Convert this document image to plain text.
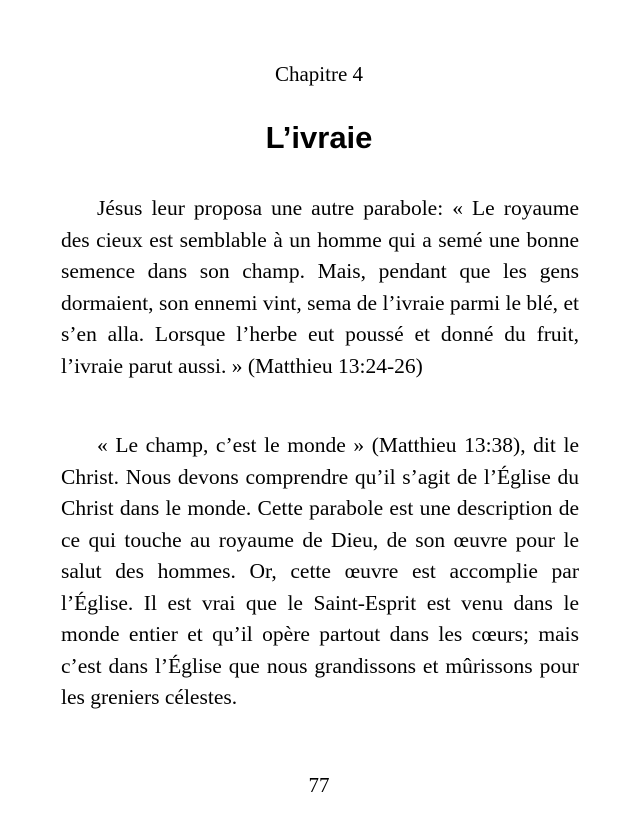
Chapitre 4
L’ivraie

Jésus leur proposa une autre parabole: « Le royaume des cieux est semblable à un homme qui a semé une bonne semence dans son champ. Mais, pendant que les gens dormaient, son ennemi vint, sema de l’ivraie parmi le blé, et s’en alla. Lorsque l’herbe eut poussé et donné du fruit, l’ivraie parut aussi. » (Matthieu 13:24-26)

« Le champ, c’est le monde » (Matthieu 13:38), dit le Christ. Nous devons comprendre qu’il s’agit de l’Église du Christ dans le monde. Cette parabole est une description de ce qui touche au royaume de Dieu, de son œuvre pour le salut des hommes. Or, cette œuvre est accomplie par l’Église. Il est vrai que le Saint-Esprit est venu dans le monde entier et qu’il opère partout dans les cœurs; mais c’est dans l’Église que nous grandissons et mûrissons pour les greniers célestes.

77
